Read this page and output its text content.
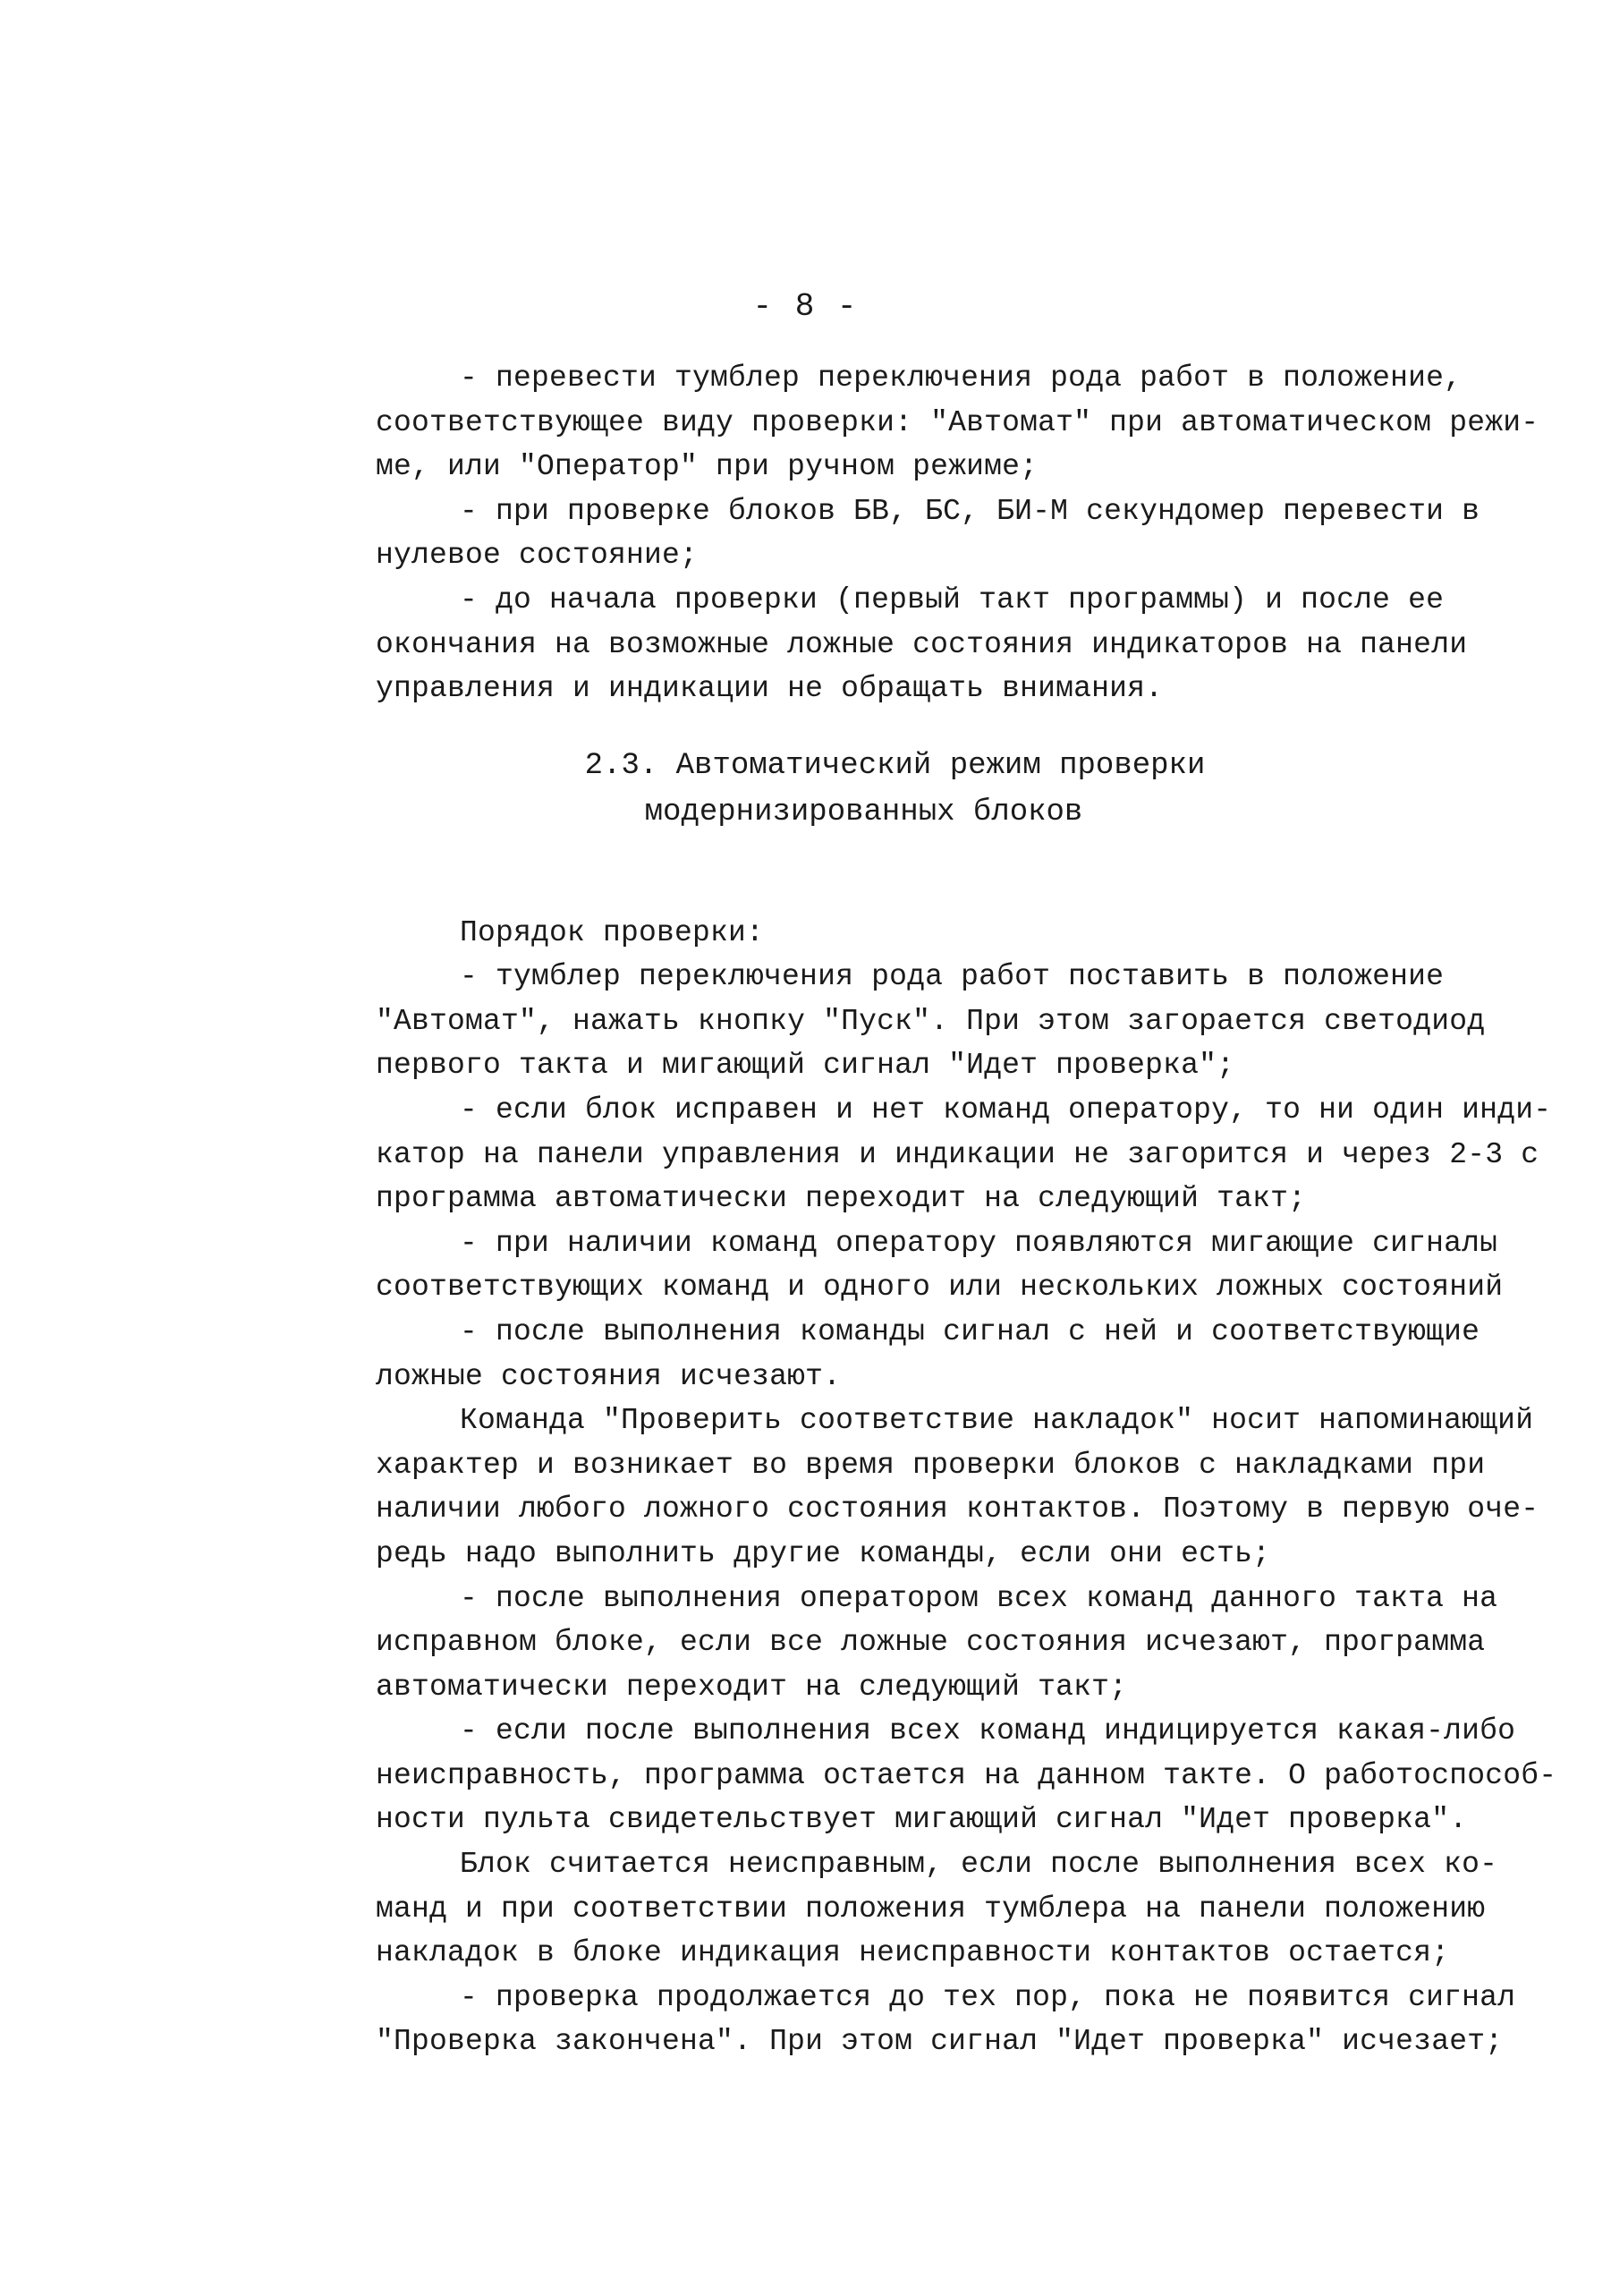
- 8 -
- перевести тумблер переключения рода работ в положение,
соответствующее виду проверки: "Автомат" при автоматическом режи-
ме, или "Оператор" при ручном режиме;
- при проверке блоков БВ, БС, БИ-М секундомер перевести в
нулевое состояние;
- до начала проверки (первый такт программы) и после ее
окончания на возможные ложные состояния индикаторов на панели
управления и индикации не обращать внимания.
2.3. Автоматический режим проверки
модернизированных блоков

Порядок проверки:
- тумблер переключения рода работ поставить в положение
"Автомат", нажать кнопку "Пуск". При этом загорается светодиод
первого такта и мигающий сигнал "Идет проверка";
- если блок исправен и нет команд оператору, то ни один инди-
катор на панели управления и индикации не загорится и через 2-3 с
программа автоматически переходит на следующий такт;
- при наличии команд оператору появляются мигающие сигналы
соответствующих команд и одного или нескольких ложных состояний
- после выполнения команды сигнал с ней и соответствующие
ложные состояния исчезают.
Команда "Проверить соответствие накладок" носит напоминающий
характер и возникает во время проверки блоков с накладками при
наличии любого ложного состояния контактов. Поэтому в первую оче-
редь надо выполнить другие команды, если они есть;
- после выполнения оператором всех команд данного такта на
исправном блоке, если все ложные состояния исчезают, программа
автоматически переходит на следующий такт;
- если после выполнения всех команд индицируется какая-либо
неисправность, программа остается на данном такте. О работоспособ-
ности пульта свидетельствует мигающий сигнал "Идет проверка".
Блок считается неисправным, если после выполнения всех ко-
манд и при соответствии положения тумблера на панели положению
накладок в блоке индикация неисправности контактов остается;
- проверка продолжается до тех пор, пока не появится сигнал
"Проверка закончена". При этом сигнал "Идет проверка" исчезает;
